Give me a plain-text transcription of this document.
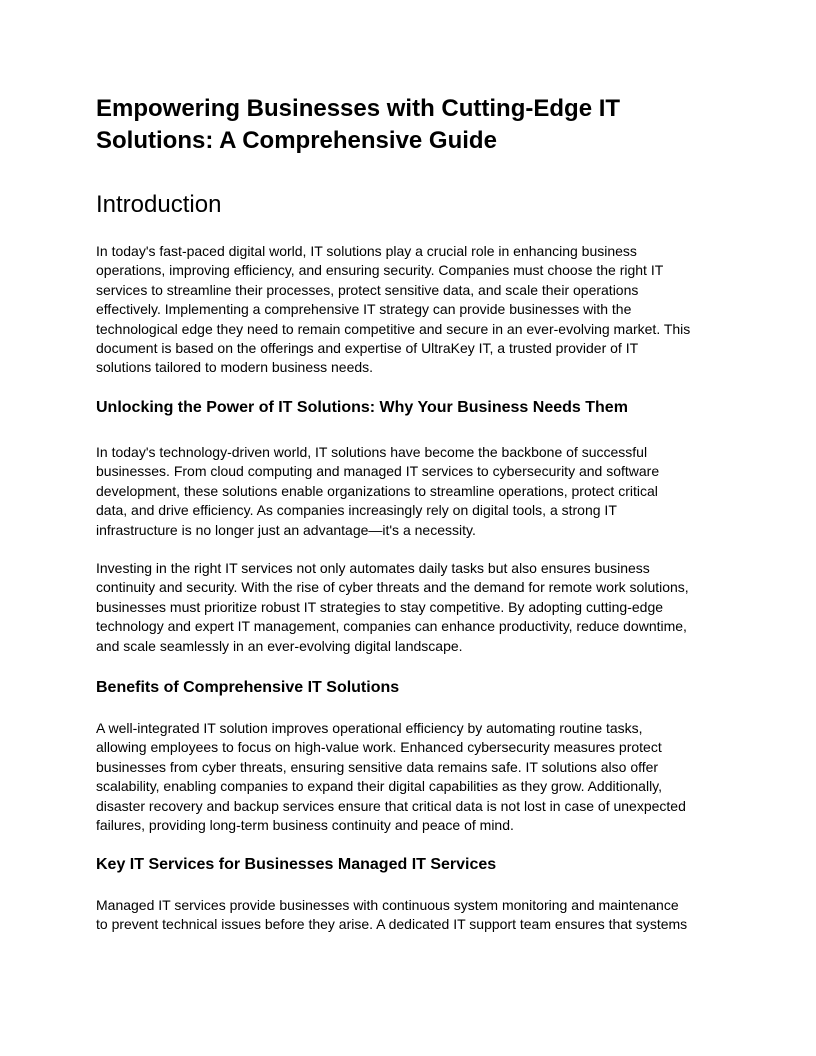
Empowering Businesses with Cutting-Edge IT
Solutions: A Comprehensive Guide
Introduction

In today's fast-paced digital world, IT solutions play a crucial role in enhancing business
operations, improving efficiency, and ensuring security. Companies must choose the right IT
services to streamline their processes, protect sensitive data, and scale their operations
effectively. Implementing a comprehensive IT strategy can provide businesses with the
technological edge they need to remain competitive and secure in an ever-evolving market. This
document is based on the offerings and expertise of UltraKey IT, a trusted provider of IT
solutions tailored to modern business needs.

Unlocking the Power of IT Solutions: Why Your Business Needs Them

In today's technology-driven world, IT solutions have become the backbone of successful
businesses. From cloud computing and managed IT services to cybersecurity and software
development, these solutions enable organizations to streamline operations, protect critical
data, and drive efficiency. As companies increasingly rely on digital tools, a strong IT
infrastructure is no longer just an advantage—it's a necessity.

Investing in the right IT services not only automates daily tasks but also ensures business
continuity and security. With the rise of cyber threats and the demand for remote work solutions,
businesses must prioritize robust IT strategies to stay competitive. By adopting cutting-edge
technology and expert IT management, companies can enhance productivity, reduce downtime,
and scale seamlessly in an ever-evolving digital landscape.

Benefits of Comprehensive IT Solutions

A well-integrated IT solution improves operational efficiency by automating routine tasks,
allowing employees to focus on high-value work. Enhanced cybersecurity measures protect
businesses from cyber threats, ensuring sensitive data remains safe. IT solutions also offer
scalability, enabling companies to expand their digital capabilities as they grow. Additionally,
disaster recovery and backup services ensure that critical data is not lost in case of unexpected
failures, providing long-term business continuity and peace of mind.

Key IT Services for Businesses Managed IT Services

Managed IT services provide businesses with continuous system monitoring and maintenance
to prevent technical issues before they arise. A dedicated IT support team ensures that systems
